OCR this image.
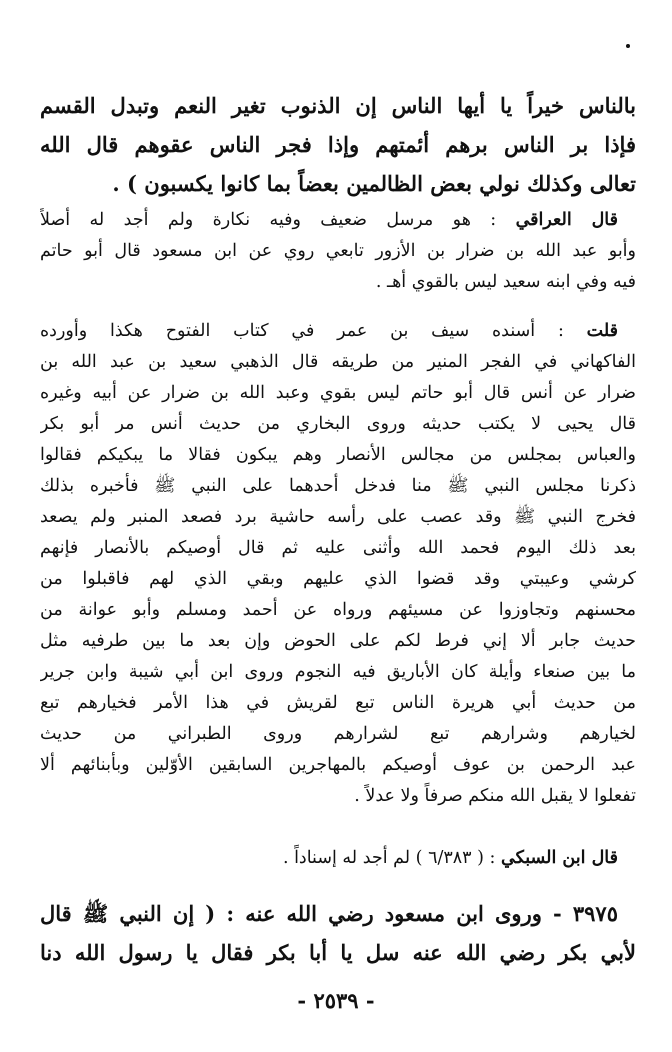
بالناس خيراً يا أيها الناس إن الذنوب تغير النعم وتبدل القسم
فإذا بر الناس برهم أئمتهم وإذا فجر الناس عقوهم قال الله
تعالى وكذلك نولي بعض الظالمين بعضاً بما كانوا يكسبون ) .
قال العراقي : هو مرسل ضعيف وفيه نكارة ولم أجد له أصلاً
وأبو عبد الله بن ضرار بن الأزور تابعي روي عن ابن مسعود قال أبو حاتم
فيه وفي ابنه سعيد ليس بالقوي أهـ .
قلت : أسنده سيف بن عمر في كتاب الفتوح هكذا وأورده
الفاكهاني في الفجر المنير من طريقه قال الذهبي سعيد بن عبد الله بن
ضرار عن أنس قال أبو حاتم ليس بقوي وعبد الله بن ضرار عن أبيه وغيره
قال يحيى لا يكتب حديثه وروى البخاري من حديث أنس مر أبو بكر
والعباس بمجلس من مجالس الأنصار وهم يبكون فقالا ما يبكيكم فقالوا
ذكرنا مجلس النبي ﷺ منا فدخل أحدهما على النبي ﷺ فأخبره بذلك
فخرج النبي ﷺ وقد عصب على رأسه حاشية برد فصعد المنبر ولم يصعد
بعد ذلك اليوم فحمد الله وأثنى عليه ثم قال أوصيكم بالأنصار فإنهم
كرشي وعيبتي وقد قضوا الذي عليهم وبقي الذي لهم فاقبلوا من
محسنهم وتجاوزوا عن مسيئهم ورواه عن أحمد ومسلم وأبو عوانة من
حديث جابر ألا إني فرط لكم على الحوض وإن بعد ما بين طرفيه مثل
ما بين صنعاء وأيلة كان الأباريق فيه النجوم وروى ابن أبي شيبة وابن جرير
من حديث أبي هريرة الناس تبع لقريش في هذا الأمر فخيارهم تبع
لخيارهم وشرارهم تبع لشرارهم وروى الطبراني من حديث
عبد الرحمن بن عوف أوصيكم بالمهاجرين السابقين الأوّلين وبأبنائهم ألا
تفعلوا لا يقبل الله منكم صرفاً ولا عدلاً .
قال ابن السبكي : ( ٦/٣٨٣ ) لم أجد له إسناداً .
٣٩٧٥ - وروى ابن مسعود رضي الله عنه : ( إن النبي ﷺ قال
لأبي بكر رضي الله عنه سل يا أبا بكر فقال يا رسول الله دنا
- ٢٥٣٩ -
